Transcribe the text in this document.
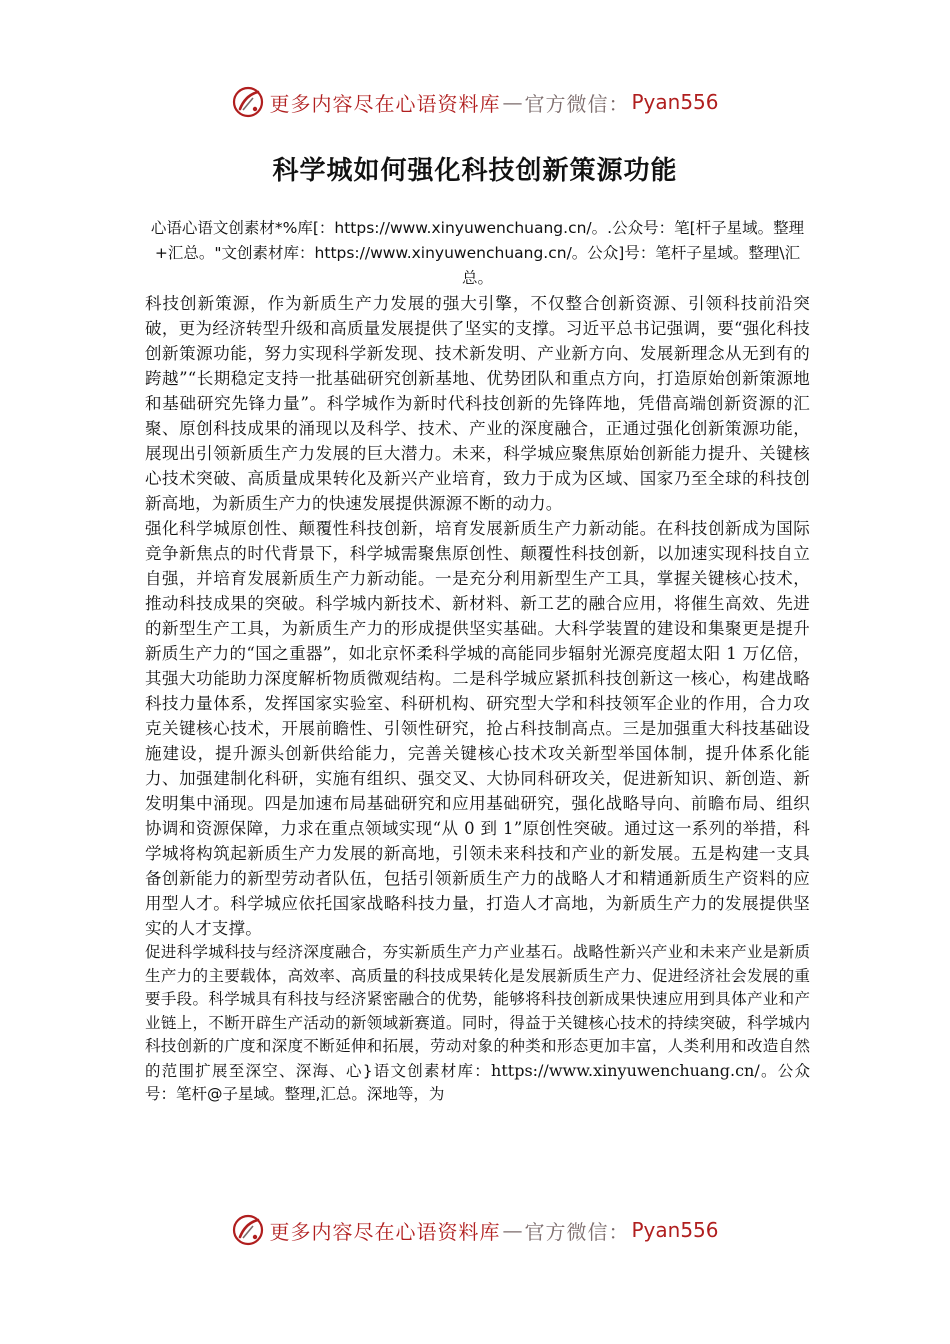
更多内容尽在心语资料库 — 官方微信： Pyan556
科学城如何强化科技创新策源功能

心语心语文创素材*%库[：https://www.xinyuwenchuang.cn/。.公众号：笔[杆子星域。整理+汇总。"文创素材库：https://www.xinyuwenchuang.cn/。公众]号：笔杆子星域。整理\汇总。

科技创新策源，作为新质生产力发展的强大引擎，不仅整合创新资源、引领科技前沿突破，更为经济转型升级和高质量发展提供了坚实的支撑。习近平总书记强调，要“强化科技创新策源功能，努力实现科学新发现、技术新发明、产业新方向、发展新理念从无到有的跨越”“长期稳定支持一批基础研究创新基地、优势团队和重点方向，打造原始创新策源地和基础研究先锋力量”。科学城作为新时代科技创新的先锋阵地，凭借高端创新资源的汇聚、原创科技成果的涌现以及科学、技术、产业的深度融合，正通过强化创新策源功能，展现出引领新质生产力发展的巨大潜力。未来，科学城应聚焦原始创新能力提升、关键核心技术突破、高质量成果转化及新兴产业培育，致力于成为区域、国家乃至全球的科技创新高地，为新质生产力的快速发展提供源源不断的动力。

强化科学城原创性、颠覆性科技创新，培育发展新质生产力新动能。在科技创新成为国际竞争新焦点的时代背景下，科学城需聚焦原创性、颠覆性科技创新，以加速实现科技自立自强，并培育发展新质生产力新动能。一是充分利用新型生产工具，掌握关键核心技术，推动科技成果的突破。科学城内新技术、新材料、新工艺的融合应用，将催生高效、先进的新型生产工具，为新质生产力的形成提供坚实基础。大科学装置的建设和集聚更是提升新质生产力的“国之重器”，如北京怀柔科学城的高能同步辐射光源亮度超太阳 1 万亿倍，其强大功能助力深度解析物质微观结构。二是科学城应紧抓科技创新这一核心，构建战略科技力量体系，发挥国家实验室、科研机构、研究型大学和科技领军企业的作用，合力攻克关键核心技术，开展前瞻性、引领性研究，抢占科技制高点。三是加强重大科技基础设施建设，提升源头创新供给能力，完善关键核心技术攻关新型举国体制，提升体系化能力、加强建制化科研，实施有组织、强交叉、大协同科研攻关，促进新知识、新创造、新发明集中涌现。四是加速布局基础研究和应用基础研究，强化战略导向、前瞻布局、组织协调和资源保障，力求在重点领域实现“从 0 到 1”原创性突破。通过这一系列的举措，科学城将构筑起新质生产力发展的新高地，引领未来科技和产业的新发展。五是构建一支具备创新能力的新型劳动者队伍，包括引领新质生产力的战略人才和精通新质生产资料的应用型人才。科学城应依托国家战略科技力量，打造人才高地，为新质生产力的发展提供坚实的人才支撑。

促进科学城科技与经济深度融合，夯实新质生产力产业基石。战略性新兴产业和未来产业是新质生产力的主要载体，高效率、高质量的科技成果转化是发展新质生产力、促进经济社会发展的重要手段。科学城具有科技与经济紧密融合的优势，能够将科技创新成果快速应用到具体产业和产业链上，不断开辟生产活动的新领域新赛道。同时，得益于关键核心技术的持续突破，科学城内科技创新的广度和深度不断延伸和拓展，劳动对象的种类和形态更加丰富，人类利用和改造自然的范围扩展至深空、深海、心}语文创素材库：https://www.xinyuwenchuang.cn/。公众号：笔杆@子星域。整理,汇总。深地等，为

更多内容尽在心语资料库 — 官方微信： Pyan556
